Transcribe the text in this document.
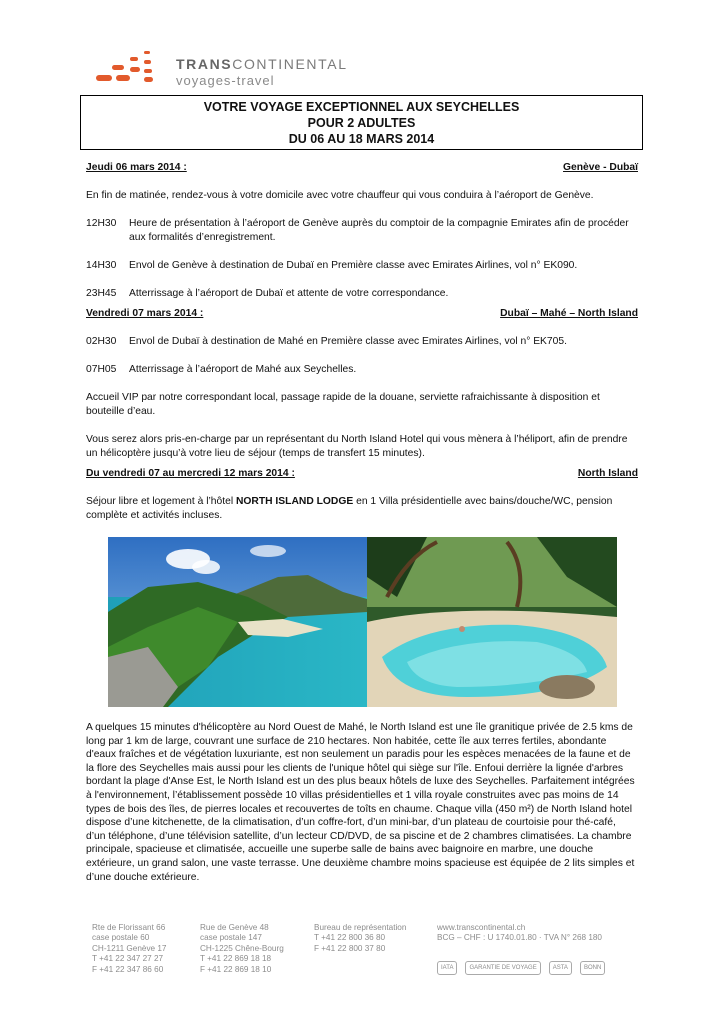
TRANSCONTINENTAL
voyages-travel
VOTRE VOYAGE EXCEPTIONNEL AUX SEYCHELLES
POUR 2 ADULTES
DU 06 AU 18 MARS 2014
Jeudi 06 mars 2014 :	Genève - Dubaï
En fin de matinée, rendez-vous à votre domicile avec votre chauffeur qui vous conduira à l’aéroport de Genève.
12H30	Heure de présentation à l’aéroport de Genève auprès du comptoir de la compagnie Emirates afin de procéder aux formalités d’enregistrement.
14H30	Envol de Genève à destination de Dubaï en Première classe avec Emirates Airlines, vol n° EK090.
23H45	Atterrissage à l’aéroport de Dubaï et attente de votre correspondance.
Vendredi 07 mars 2014 :	Dubaï – Mahé – North Island
02H30	Envol de Dubaï à destination de Mahé en Première classe avec Emirates Airlines, vol n° EK705.
07H05	Atterrissage à l’aéroport de Mahé aux Seychelles.
Accueil VIP par notre correspondant local, passage rapide de la douane, serviette rafraichissante à disposition et bouteille d’eau.
Vous serez alors pris-en-charge par un représentant du North Island Hotel qui vous mènera à l’héliport, afin de prendre un hélicoptère jusqu’à votre lieu de séjour (temps de transfert 15 minutes).
Du vendredi 07 au mercredi 12 mars 2014 :	North Island
Séjour libre et logement à l’hôtel NORTH ISLAND LODGE en 1 Villa présidentielle avec bains/douche/WC, pension complète et activités incluses.
A quelques 15 minutes d'hélicoptère au Nord Ouest de Mahé, le North Island est une île granitique privée de 2.5 kms de long par 1 km de large, couvrant une surface de 210 hectares. Non habitée, cette île aux terres fertiles, abondante d'eaux fraîches et de végétation luxuriante, est non seulement un paradis pour les espèces menacées de la faune et de la flore des Seychelles mais aussi pour les clients de l'unique hôtel qui siège sur l'île. Enfoui derrière la lignée d'arbres bordant la plage d'Anse Est, le North Island est un des plus beaux hôtels de luxe des Seychelles. Parfaitement intégrées à l'environnement, l’établissement possède 10 villas présidentielles et 1 villa royale construites avec pas moins de 14 types de bois des îles, de pierres locales et recouvertes de toîts en chaume. Chaque villa (450 m²) de North Island hotel dispose d’une kitchenette, de la climatisation, d’un coffre-fort, d’un mini-bar, d’un plateau de courtoisie pour thé-café, d’un téléphone, d’une télévision satellite, d’un lecteur CD/DVD, de sa piscine et de 2 chambres climatisées. La chambre principale, spacieuse et climatisée, accueille une superbe salle de bains avec baignoire en marbre, une douche extérieure, un grand salon, une vaste terrasse. Une deuxième chambre moins spacieuse est équipée de 2 lits simples et d’une douche extérieure.
Rte de Florissant 66
case postale 60
CH-1211 Genève 17
T +41 22 347 27 27
F +41 22 347 86 60
Rue de Genève 48
case postale 147
CH-1225 Chêne-Bourg
T +41 22 869 18 18
F +41 22 869 18 10
Bureau de représentation
T +41 22 800 36 80
F +41 22 800 37 80
www.transcontinental.ch
BCG – CHF : U 1740.01.80 · TVA N° 268 180
IATA	GARANTIE DE VOYAGE	ASTA	BONN
